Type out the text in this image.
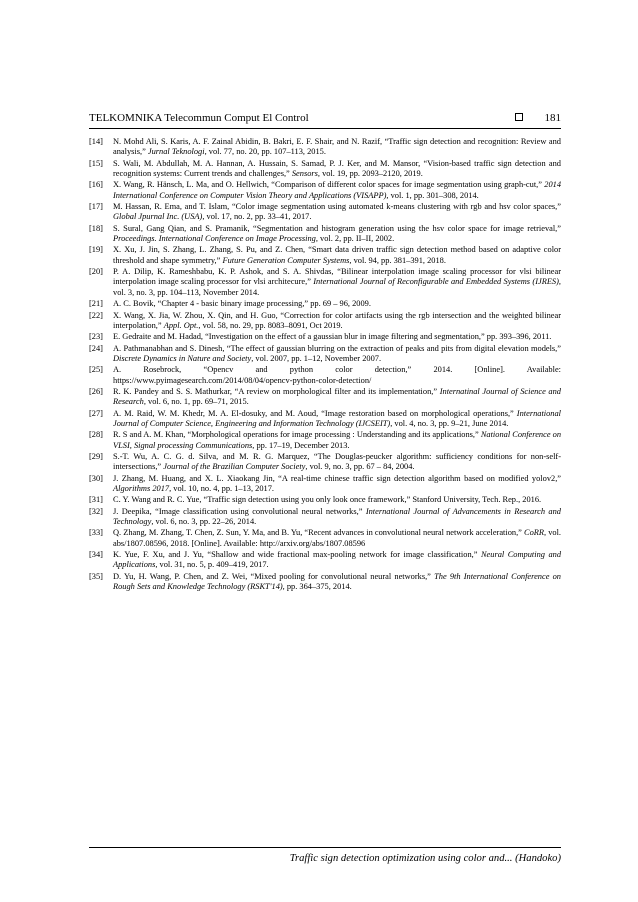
TELKOMNIKA Telecommun Comput El Control	181
[14]	N. Mohd Ali, S. Karis, A. F. Zainal Abidin, B. Bakri, E. F. Shair, and N. Razif, “Traffic sign detection and recognition: Review and analysis,” Jurnal Teknologi, vol. 77, no. 20, pp. 107–113, 2015.
[15]	S. Wali, M. Abdullah, M. A. Hannan, A. Hussain, S. Samad, P. J. Ker, and M. Mansor, “Vision-based traffic sign detection and recognition systems: Current trends and challenges,” Sensors, vol. 19, pp. 2093–2120, 2019.
[16]	X. Wang, R. Hänsch, L. Ma, and O. Hellwich, “Comparison of different color spaces for image segmentation using graph-cut,” 2014 International Conference on Computer Vision Theory and Applications (VISAPP), vol. 1, pp. 301–308, 2014.
[17]	M. Hassan, R. Ema, and T. Islam, “Color image segmentation using automated k-means clustering with rgb and hsv color spaces,” Global Jpurnal Inc. (USA), vol. 17, no. 2, pp. 33–41, 2017.
[18]	S. Sural, Gang Qian, and S. Pramanik, “Segmentation and histogram generation using the hsv color space for image retrieval,” Proceedings. International Conference on Image Processing, vol. 2, pp. II–II, 2002.
[19]	X. Xu, J. Jin, S. Zhang, L. Zhang, S. Pu, and Z. Chen, “Smart data driven traffic sign detection method based on adaptive color threshold and shape symmetry,” Future Generation Computer Systems, vol. 94, pp. 381–391, 2018.
[20]	P. A. Dilip, K. Rameshbabu, K. P. Ashok, and S. A. Shivdas, “Bilinear interpolation image scaling processor for vlsi bilinear interpolation image scaling processor for vlsi architecure,” International Journal of Reconfigurable and Embedded Systems (IJRES), vol. 3, no. 3, pp. 104–113, November 2014.
[21]	A. C. Bovik, “Chapter 4 - basic binary image processing,” pp. 69 – 96, 2009.
[22]	X. Wang, X. Jia, W. Zhou, X. Qin, and H. Guo, “Correction for color artifacts using the rgb intersection and the weighted bilinear interpolation,” Appl. Opt., vol. 58, no. 29, pp. 8083–8091, Oct 2019.
[23]	E. Gedraite and M. Hadad, “Investigation on the effect of a gaussian blur in image filtering and segmentation,” pp. 393–396, 2011.
[24]	A. Pathmanabhan and S. Dinesh, “The effect of gaussian blurring on the extraction of peaks and pits from digital elevation models,” Discrete Dynamics in Nature and Society, vol. 2007, pp. 1–12, November 2007.
[25]	A. Rosebrock, “Opencv and python color detection,” 2014. [Online]. Available: https://www.pyimagesearch.com/2014/08/04/opencv-python-color-detection/
[26]	R. K. Pandey and S. S. Mathurkar, “A review on morphological filter and its implementation,” Internatinal Journal of Science and Research, vol. 6, no. 1, pp. 69–71, 2015.
[27]	A. M. Raid, W. M. Khedr, M. A. El-dosuky, and M. Aoud, “Image restoration based on morphological operations,” International Journal of Computer Science, Engineering and Information Technology (IJCSEIT), vol. 4, no. 3, pp. 9–21, June 2014.
[28]	R. S and A. M. Khan, “Morphological operations for image processing : Understanding and its applications,” National Conference on VLSI, Signal processing Communications, pp. 17–19, December 2013.
[29]	S.-T. Wu, A. C. G. d. Silva, and M. R. G. Marquez, “The Douglas-peucker algorithm: sufficiency conditions for non-self-intersections,” Journal of the Brazilian Computer Society, vol. 9, no. 3, pp. 67 – 84, 2004.
[30]	J. Zhang, M. Huang, and X. L. Xiaokang Jin, “A real-time chinese traffic sign detection algorithm based on modified yolov2,” Algorithms 2017, vol. 10, no. 4, pp. 1–13, 2017.
[31]	C. Y. Wang and R. C. Yue, “Traffic sign detection using you only look once framework,” Stanford University, Tech. Rep., 2016.
[32]	J. Deepika, “Image classification using convolutional neural networks,” International Journal of Advancements in Research and Technology, vol. 6, no. 3, pp. 22–26, 2014.
[33]	Q. Zhang, M. Zhang, T. Chen, Z. Sun, Y. Ma, and B. Yu, “Recent advances in convolutional neural network acceleration,” CoRR, vol. abs/1807.08596, 2018. [Online]. Available: http://arxiv.org/abs/1807.08596
[34]	K. Yue, F. Xu, and J. Yu, “Shallow and wide fractional max-pooling network for image classification,” Neural Computing and Applications, vol. 31, no. 5, p. 409–419, 2017.
[35]	D. Yu, H. Wang, P. Chen, and Z. Wei, “Mixed pooling for convolutional neural networks,” The 9th International Conference on Rough Sets and Knowledge Technology (RSKT'14), pp. 364–375, 2014.
Traffic sign detection optimization using color and... (Handoko)
